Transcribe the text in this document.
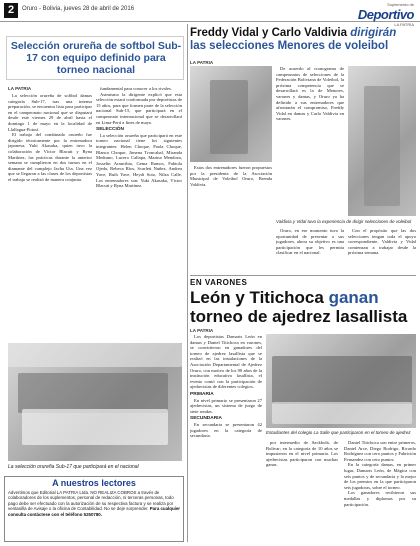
2	Oruro - Bolivia, jueves 28 de abril de 2016
Suplemento de
Deportivo
LA PATRIA
Selección orureña de softbol Sub-17 con equipo definido para torneo nacional
LA PATRIA

La selección orureña de softbol damas categoría Sub-17, tras una intensa preparación, se encuentra lista para participar en el campeonato nacional que se disputará desde este viernes 29 de abril hasta el domingo 1 de mayo en la localidad de Llallagua-Potosí.

El trabajo del combinado orureño fue dirigido técnicamente por la entrenadora japonesa, Yuki Akasaka, quien tuvo la colaboración de Víctor Blacutt y Ryna Martínez, las prácticas durante la anterior semana se cumplieron en dos turnos en el diamante del complejo Jacha Uta. Una vez que se llegaron a las clases de los deportistas el trabajo se realizó de manera conjunta.

fundamental para conocer a los rivales.

Asimismo la dirigente explicó que esta selección estará conformada por deportistas de 15 años, para que formen parte de la selección nacional Sub-15, que participará en el campeonato internacional que se desarrollará en Lima-Perú a fines de mayo.

SELECCIÓN

La selección orureña que participará en este torneo nacional tiene los siguientes integrantes: Helen Choque, Paola Choque, Blanca Choque, Jimena Troncabal, Miranda Medrano, Lucero Callapa, Marina Mendoza, Josselin Arancibia, Gema Ramos, Fabiola Ojeda, Rebeca Ríos, Scarlett Nuñez, Andrea Yave, Ruth Yave, Heydi Soto, Nilza Calle. Los entrenadores son: Yuki Akasaka, Víctor Blacutt y Ryna Martínez.

La selección orureña Sub-17 que participará en el nacional
A nuestros lectores
Advertimos que Editorial LA PATRIA Ltda. NO REALIZA COBROS a través de colaboradores de los suplementos, personal de redacción, ni terceras personas, todo pago debe ser efectuado con la autorización de su respectiva factura y se realiza por ventanilla de Avisaje o la oficina de Contabilidad. No se deje sorprender. Para cualquier consulta contáctese con el teléfono 5250780.
Freddy Vidal y Carlo Valdivia dirigirán
las selecciones Menores de voleibol
LA PATRIA

De acuerdo al cronograma de campeonatos de selecciones de la Federación Boliviana de Voleibol, la próxima competencia que se desarrollará es la de Menores, varones y damas, y Oruro ya ha definido a sus entrenadores que afrontarán el compromiso, Freddy Vidal en damas y Carlo Valdivia en varones.

Estos dos entrenadores fueron propuestos por la presidenta de la Asociación Municipal de Voleibol Oruro, Brenda Valdivia.

Valdivia y Vidal tuvo la experiencia de dirigir selecciones de voleibol

Oruro, en ese momento tuvo la oportunidad de presentar a sus jugadores, ahora su objetivo es una participación que les permita clasificar en el nacional.

Con el propósito que las dos selecciones tengan toda el apoyo correspondiente, Valdivia y Vidal comienzan a trabajar desde la próxima semana.

EN VARONES
León y Titichoca ganan
torneo de ajedrez lasallista
LA PATRIA

Los deportistas Damaris León en damas y Daniel Titichoca en varones, se convirtieron en ganadores del torneo de ajedrez lasallista que se realizó en las instalaciones de la Asociación Departamental de Ajedrez Oruro, con motivo de los 90 años de la institución educativa lasallista, el evento contó con la participación de ajedrecistas de diferentes colegios.

PRIMARIA

En nivel primario se presentaron 27 ajedrecistas, un sistema de juego de siete rondas.

SECUNDARIA

En secundaria se presentaron 42 jugadores en la categoría de secundaria.

Estudiantes del colegio La Salle que participaron en el torneo de ajedrez

por intermedio de Sackbolá, de Bolivar; en la categoría de 10 años se impusieron en el nivel primaria. Los ajedrecistas participaron con muchas ganas.

Daniel Titichoca son entre primeros, Daniel Arce, Diego Rodrigo, Ricardo Rodríguez con cero puntos y Fabrición Fernandez con cero puntos.

En la categoría damas, en primer lugar, Damaris León, de Mágica con seis puntos y de secundaria y la mejor de los premios en la que participaron seis jugadoras, sobre el torneo.

Los ganadores recibieron sus medallas y diplomas por su participación.
